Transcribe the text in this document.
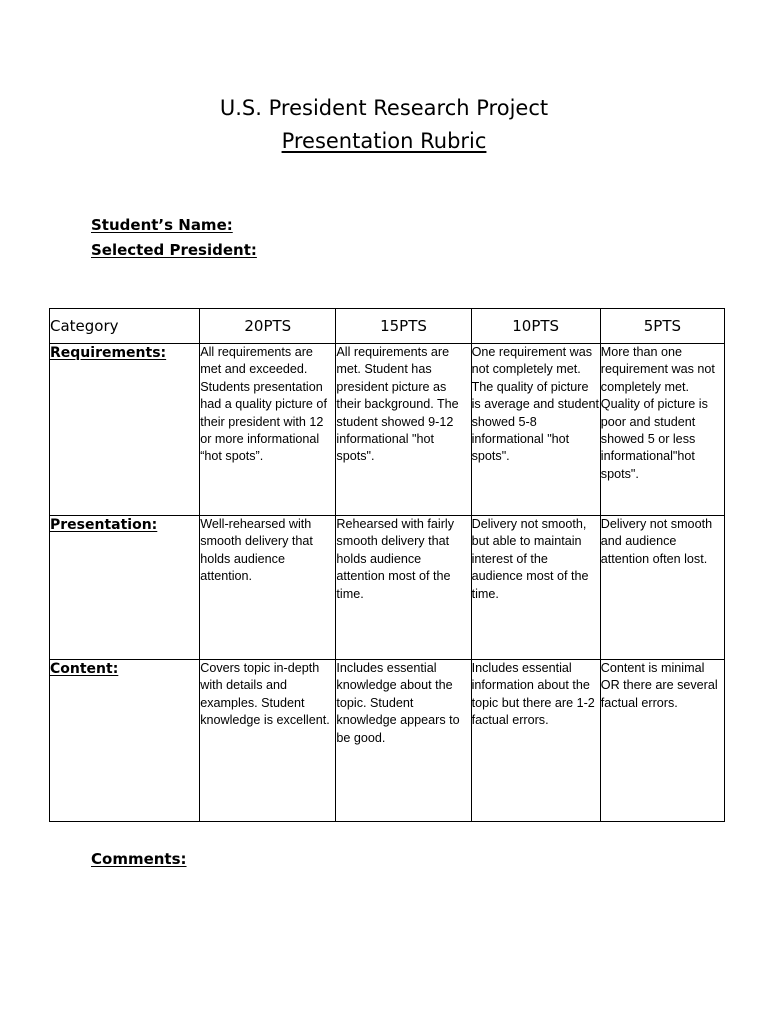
U.S. President Research Project
Presentation Rubric
Student’s Name:
Selected President:
Category	20PTS	15PTS	10PTS	5PTS
Requirements:	All requirements are met and exceeded. Students presentation had a quality picture of their president with 12 or more informational “hot spots”.	All requirements are met. Student has president picture as their background. The student showed 9-12 informational "hot spots".	One requirement was not completely met. The quality of picture is average and student showed 5-8 informational "hot spots".	More than one requirement was not completely met. Quality of picture is poor and student showed 5 or less informational"hot spots".
Presentation:	Well-rehearsed with smooth delivery that holds audience attention.	Rehearsed with fairly smooth delivery that holds audience attention most of the time.	Delivery not smooth, but able to maintain interest of the audience most of the time.	Delivery not smooth and audience attention often lost.
Content:	Covers topic in-depth with details and examples. Student knowledge is excellent.	Includes essential knowledge about the topic. Student knowledge appears to be good.	Includes essential information about the topic but there are 1-2 factual errors.	Content is minimal OR there are several factual errors.
Comments:
